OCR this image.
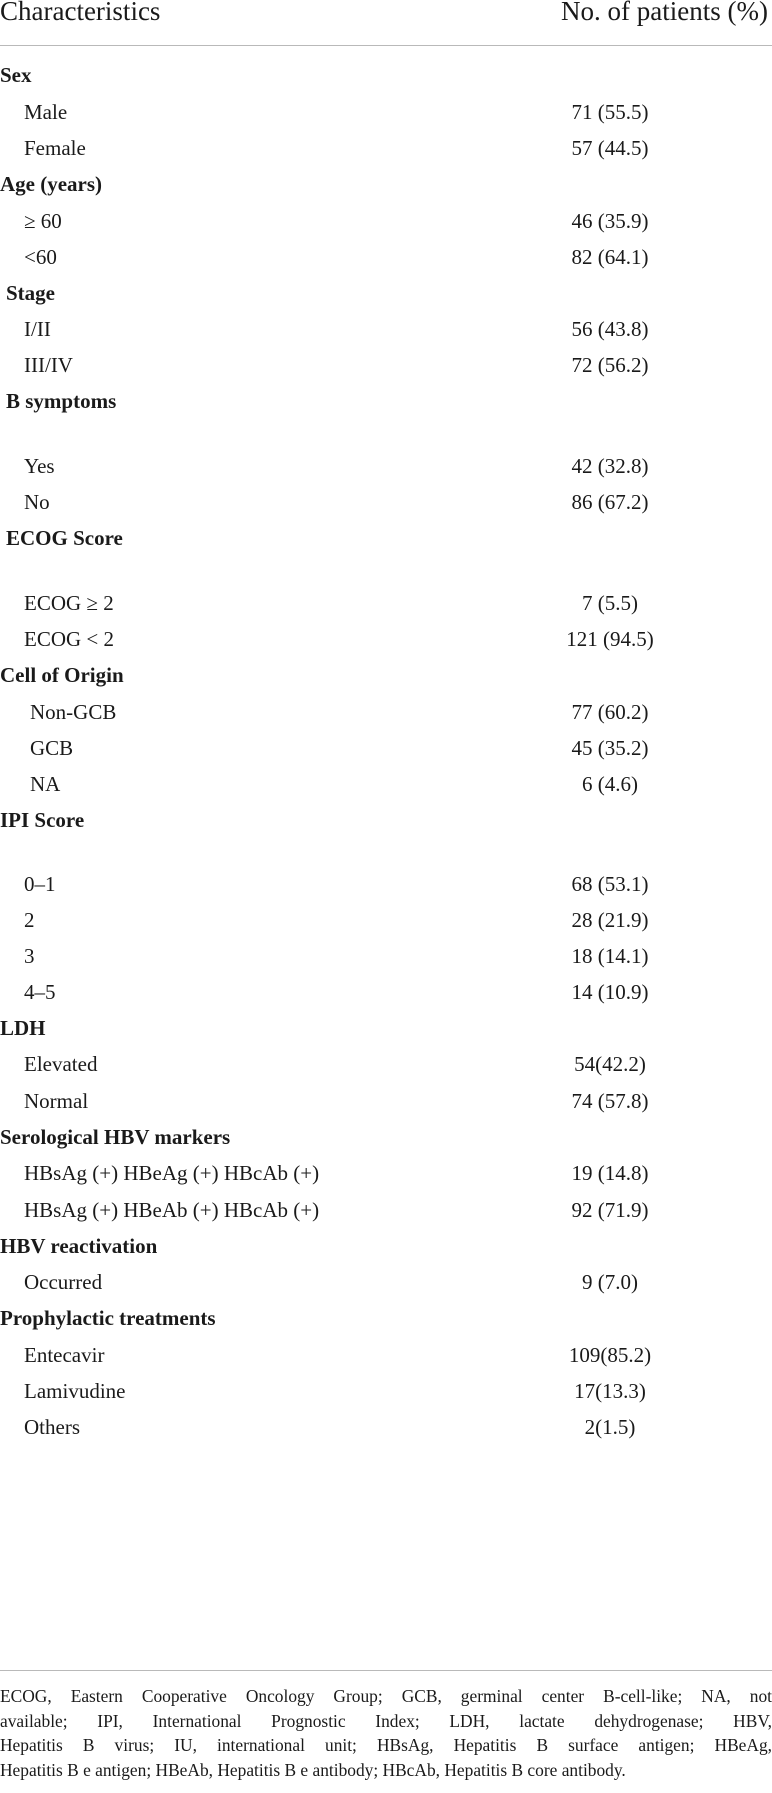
Characteristics	No. of patients (%)
Sex
Male	71 (55.5)
Female	57 (44.5)
Age (years)
≥ 60	46 (35.9)
<60	82 (64.1)
Stage
I/II	56 (43.8)
III/IV	72 (56.2)
B symptoms
Yes	42 (32.8)
No	86 (67.2)
ECOG Score
ECOG ≥ 2	7 (5.5)
ECOG < 2	121 (94.5)
Cell of Origin
Non-GCB	77 (60.2)
GCB	45 (35.2)
NA	6 (4.6)
IPI Score
0–1	68 (53.1)
2	28 (21.9)
3	18 (14.1)
4–5	14 (10.9)
LDH
Elevated	54(42.2)
Normal	74 (57.8)
Serological HBV markers
HBsAg (+) HBeAg (+) HBcAb (+)	19 (14.8)
HBsAg (+) HBeAb (+) HBcAb (+)	92 (71.9)
HBV reactivation
Occurred	9 (7.0)
Prophylactic treatments
Entecavir	109(85.2)
Lamivudine	17(13.3)
Others	2(1.5)
ECOG, Eastern Cooperative Oncology Group; GCB, germinal center B-cell-like; NA, not
available; IPI, International Prognostic Index; LDH, lactate dehydrogenase; HBV,
Hepatitis B virus; IU, international unit; HBsAg, Hepatitis B surface antigen; HBeAg,
Hepatitis B e antigen; HBeAb, Hepatitis B e antibody; HBcAb, Hepatitis B core antibody.
